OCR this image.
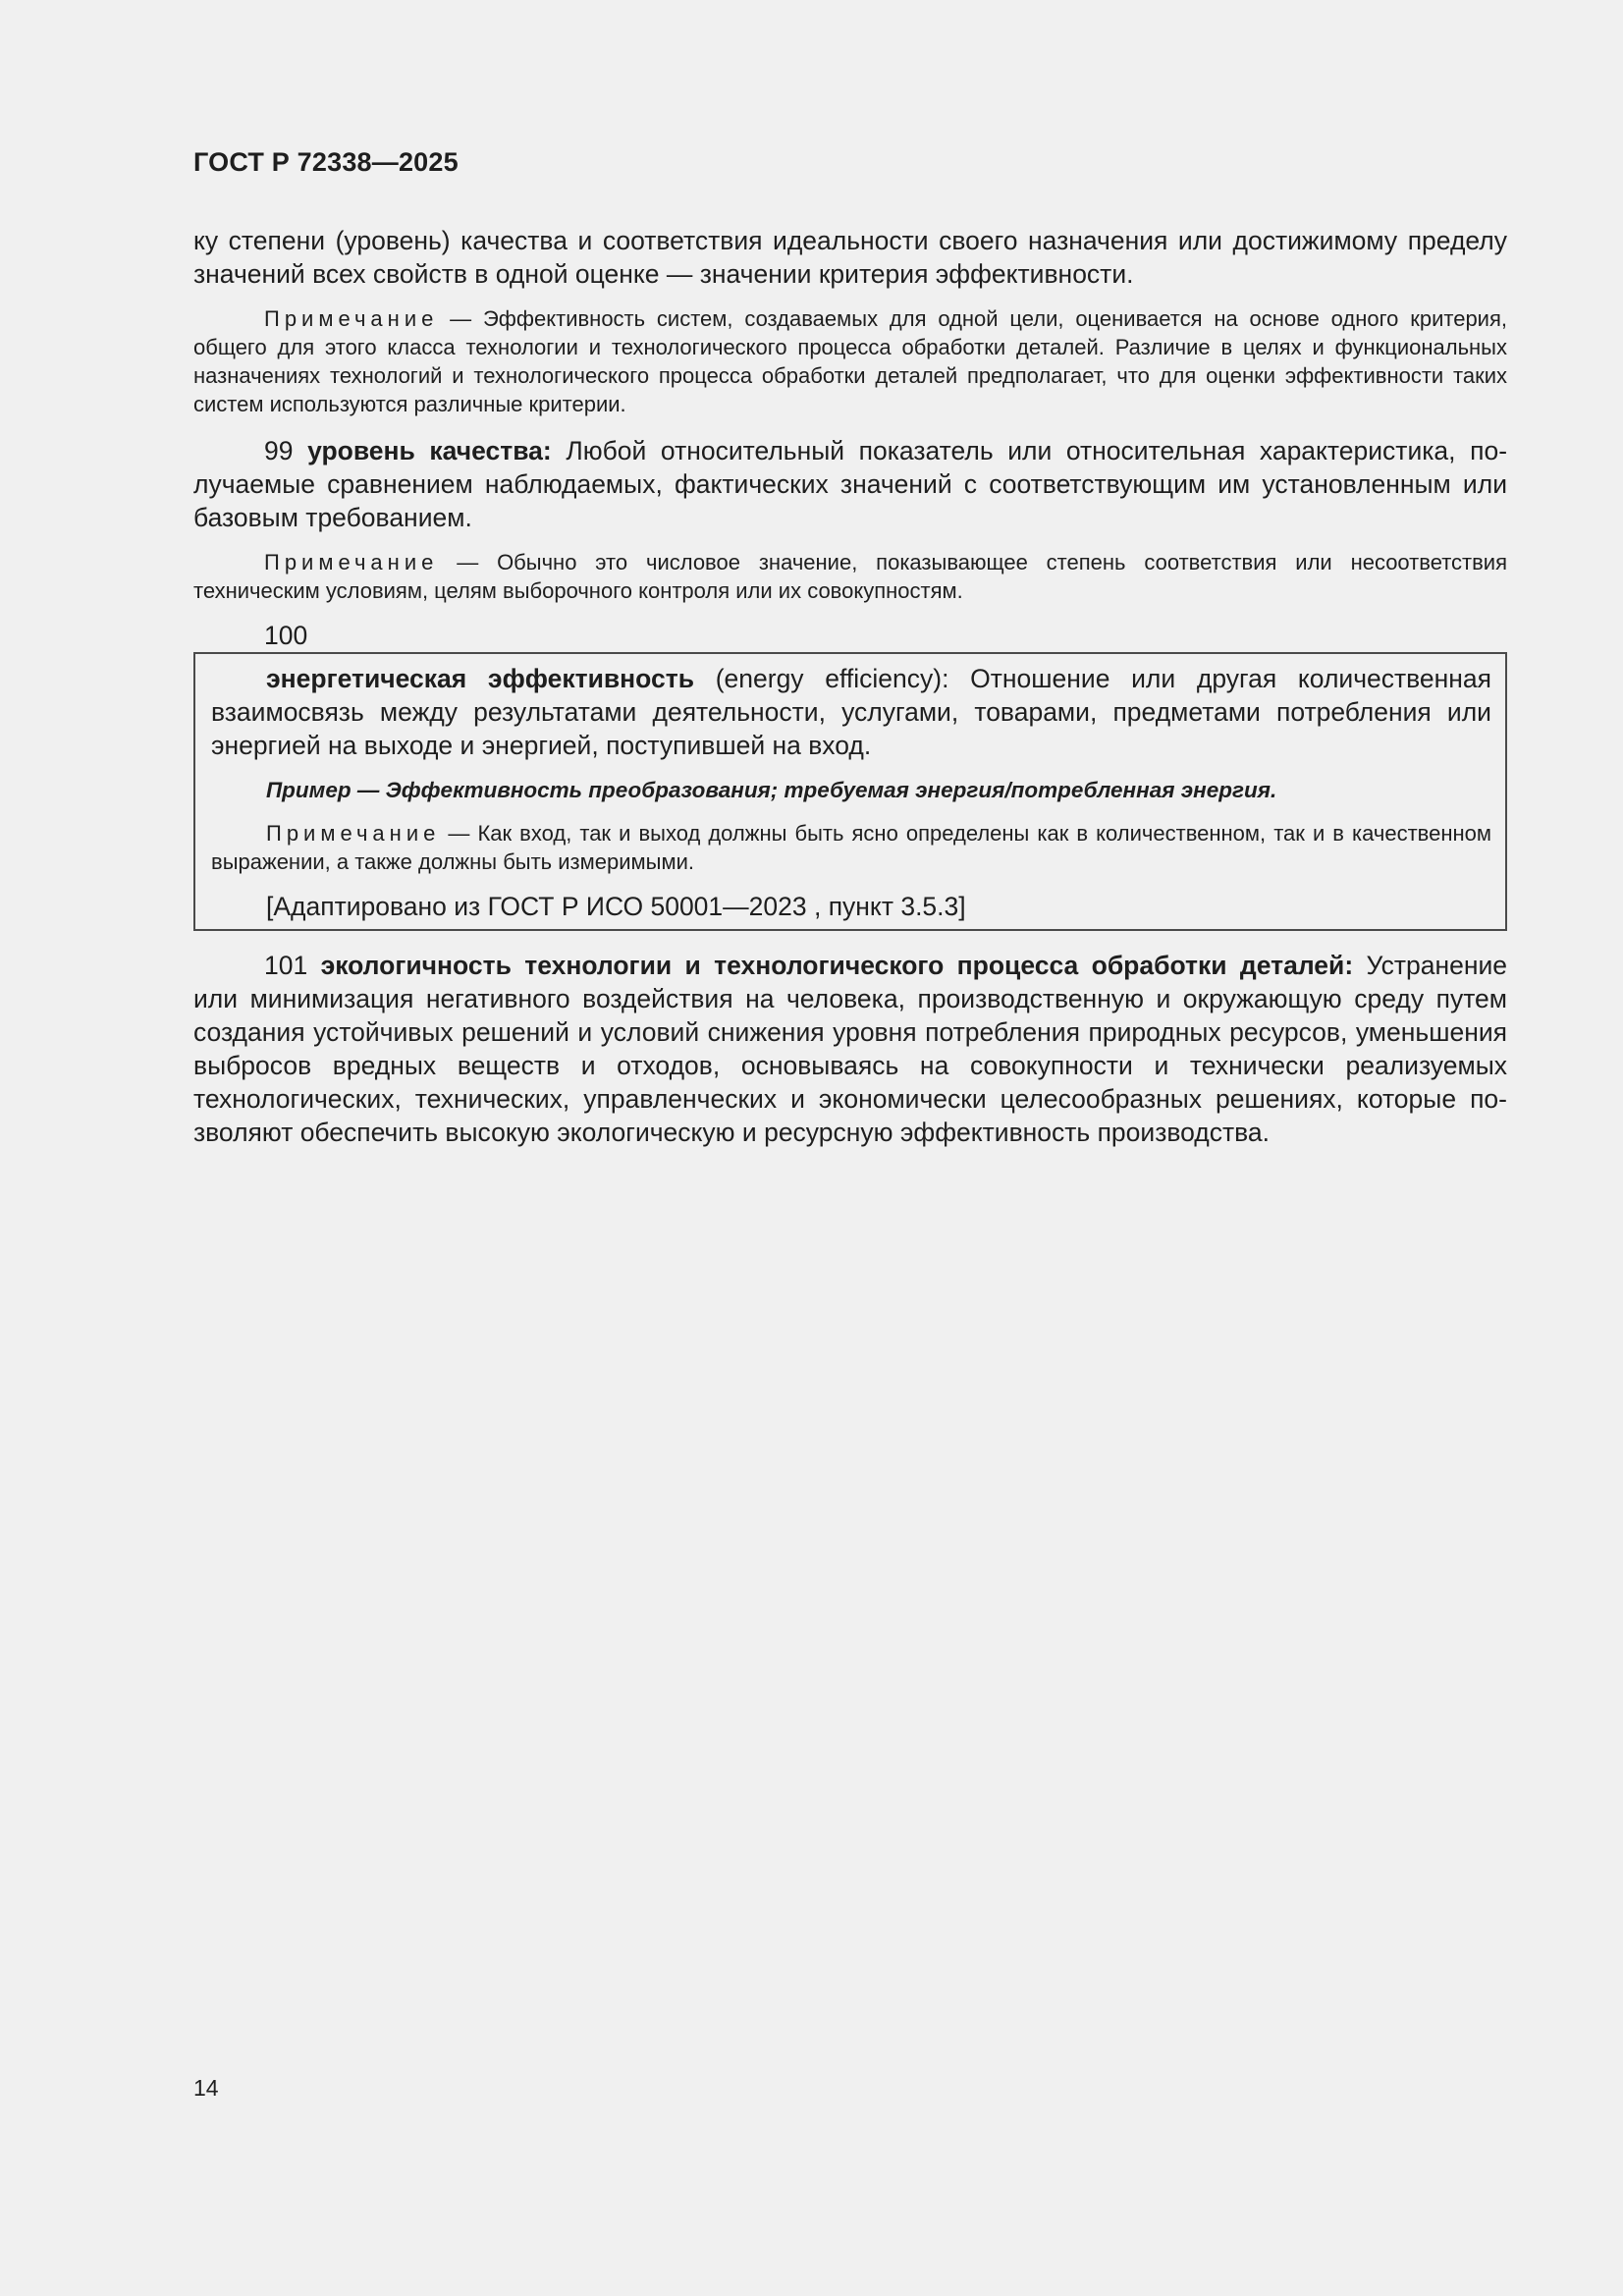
ГОСТ Р 72338—2025

ку степени (уровень) качества и соответствия идеальности своего назначения или достижимому пределу значений всех свойств в одной оценке — значении критерия эффективности.

Примечание — Эффективность систем, создаваемых для одной цели, оценивается на основе одного критерия, общего для этого класса технологии и технологического процесса обработки деталей. Различие в целях и функциональных назначениях технологий и технологического процесса обработки деталей предполагает, что для оценки эффективности таких систем используются различные критерии.

99 уровень качества: Любой относительный показатель или относительная характеристика, получаемые сравнением наблюдаемых, фактических значений с соответствующим им установленным или базовым требованием.

Примечание — Обычно это числовое значение, показывающее степень соответствия или несоответствия техническим условиям, целям выборочного контроля или их совокупностям.

100

энергетическая эффективность (energy efficiency): Отношение или другая количественная взаимосвязь между результатами деятельности, услугами, товарами, предметами потребления или энергией на выходе и энергией, поступившей на вход.

Пример — Эффективность преобразования; требуемая энергия/потребленная энергия.

Примечание — Как вход, так и выход должны быть ясно определены как в количественном, так и в качественном выражении, а также должны быть измеримыми.

[Адаптировано из ГОСТ Р ИСО 50001—2023 , пункт 3.5.3]

101 экологичность технологии и технологического процесса обработки деталей: Устранение или минимизация негативного воздействия на человека, производственную и окружающую среду путем создания устойчивых решений и условий снижения уровня потребления природных ресурсов, уменьшения выбросов вредных веществ и отходов, основываясь на совокупности и технически реализуемых технологических, технических, управленческих и экономически целесообразных решениях, которые позволяют обеспечить высокую экологическую и ресурсную эффективность производства.

14
